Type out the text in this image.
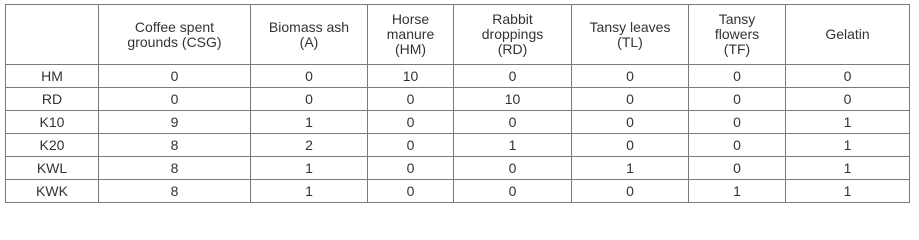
	Coffee spent grounds (CSG)	Biomass ash (A)	Horse manure (HM)	Rabbit droppings (RD)	Tansy leaves (TL)	Tansy flowers (TF)	Gelatin
HM	0	0	10	0	0	0	0
RD	0	0	0	10	0	0	0
K10	9	1	0	0	0	0	1
K20	8	2	0	1	0	0	1
KWL	8	1	0	0	1	0	1
KWK	8	1	0	0	0	1	1
